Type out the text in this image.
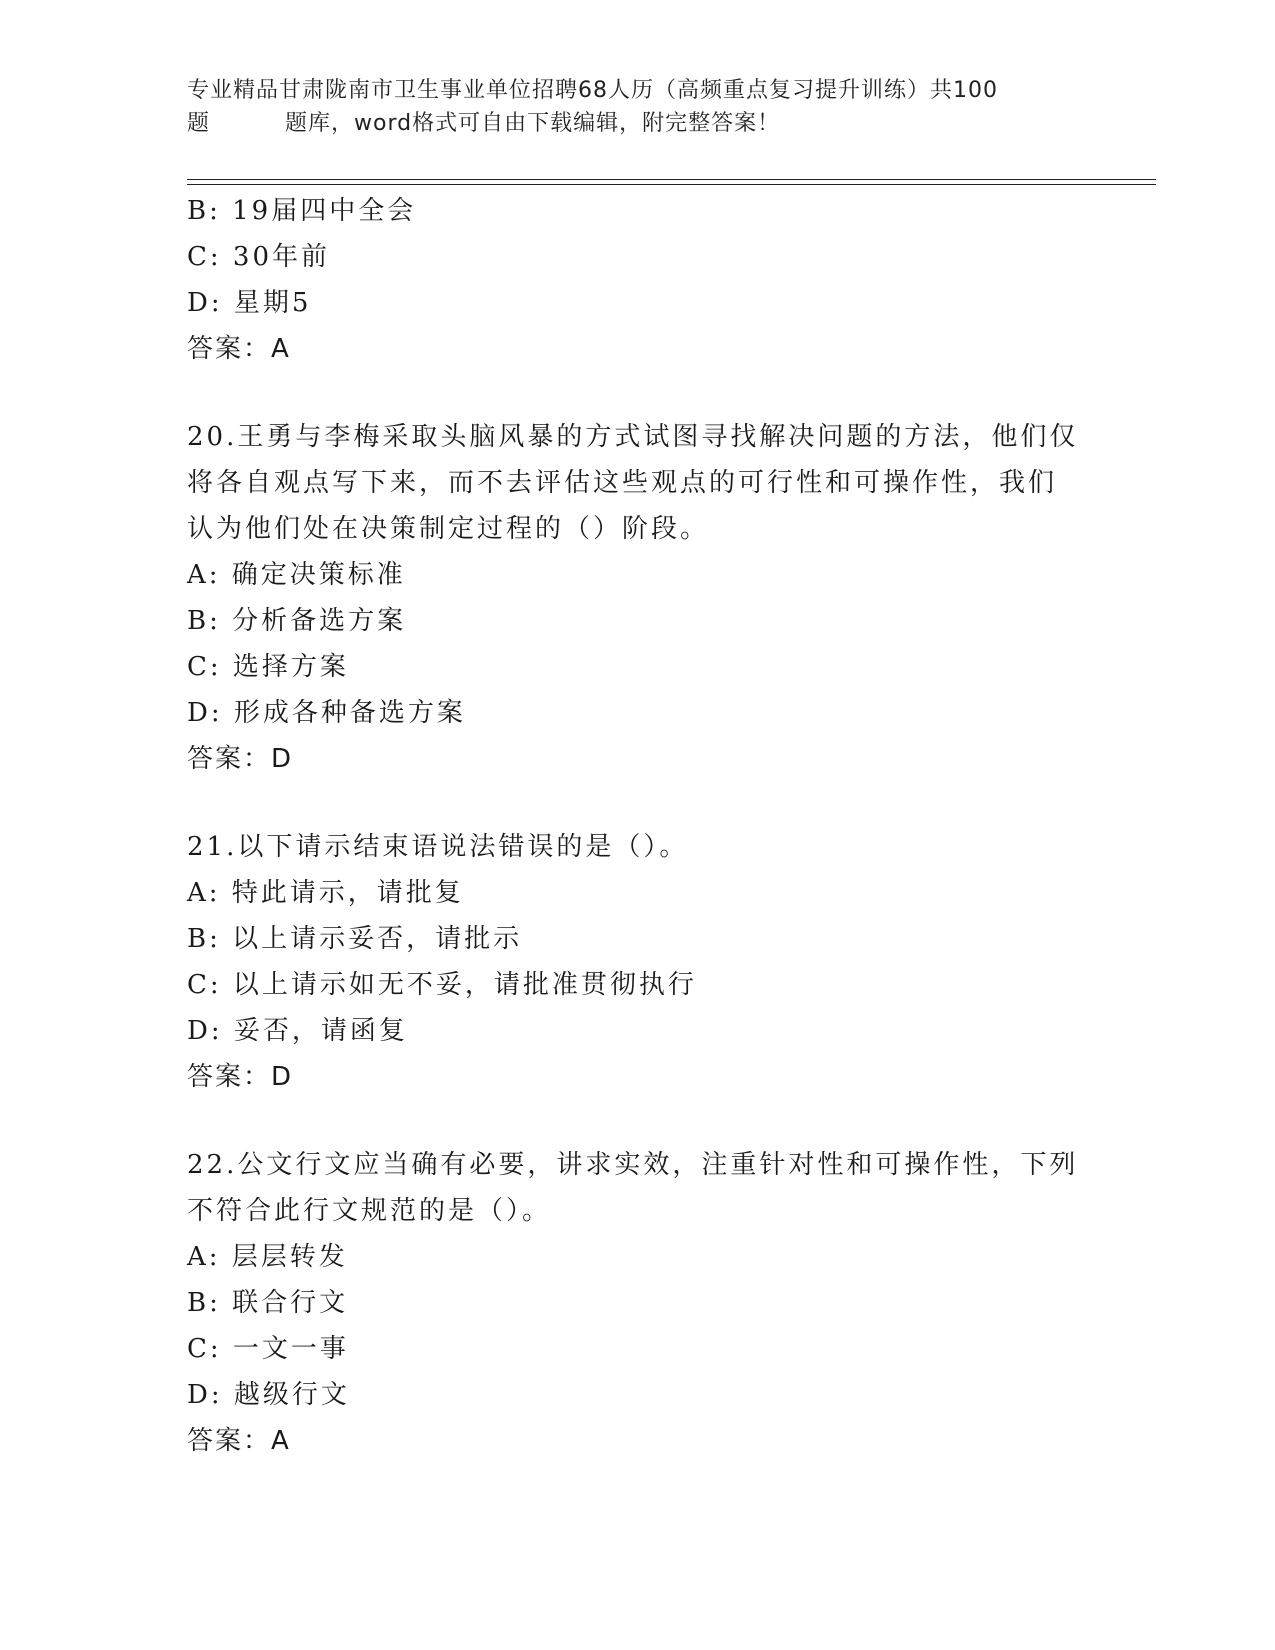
专业精品甘肃陇南市卫生事业单位招聘68人历（高频重点复习提升训练）共100
题	题库，word格式可自由下载编辑，附完整答案！

B: 19届四中全会

C: 30年前

D: 星期5

答案：A

20.王勇与李梅采取头脑风暴的方式试图寻找解决问题的方法，他们仅

将各自观点写下来，而不去评估这些观点的可行性和可操作性，我们

认为他们处在决策制定过程的（）阶段。

A: 确定决策标准

B: 分析备选方案

C: 选择方案

D: 形成各种备选方案

答案：D

21.以下请示结束语说法错误的是（）。

A: 特此请示，请批复

B: 以上请示妥否，请批示

C: 以上请示如无不妥，请批准贯彻执行

D: 妥否，请函复

答案：D

22.公文行文应当确有必要，讲求实效，注重针对性和可操作性，下列

不符合此行文规范的是（）。

A: 层层转发

B: 联合行文

C: 一文一事

D: 越级行文

答案：A
